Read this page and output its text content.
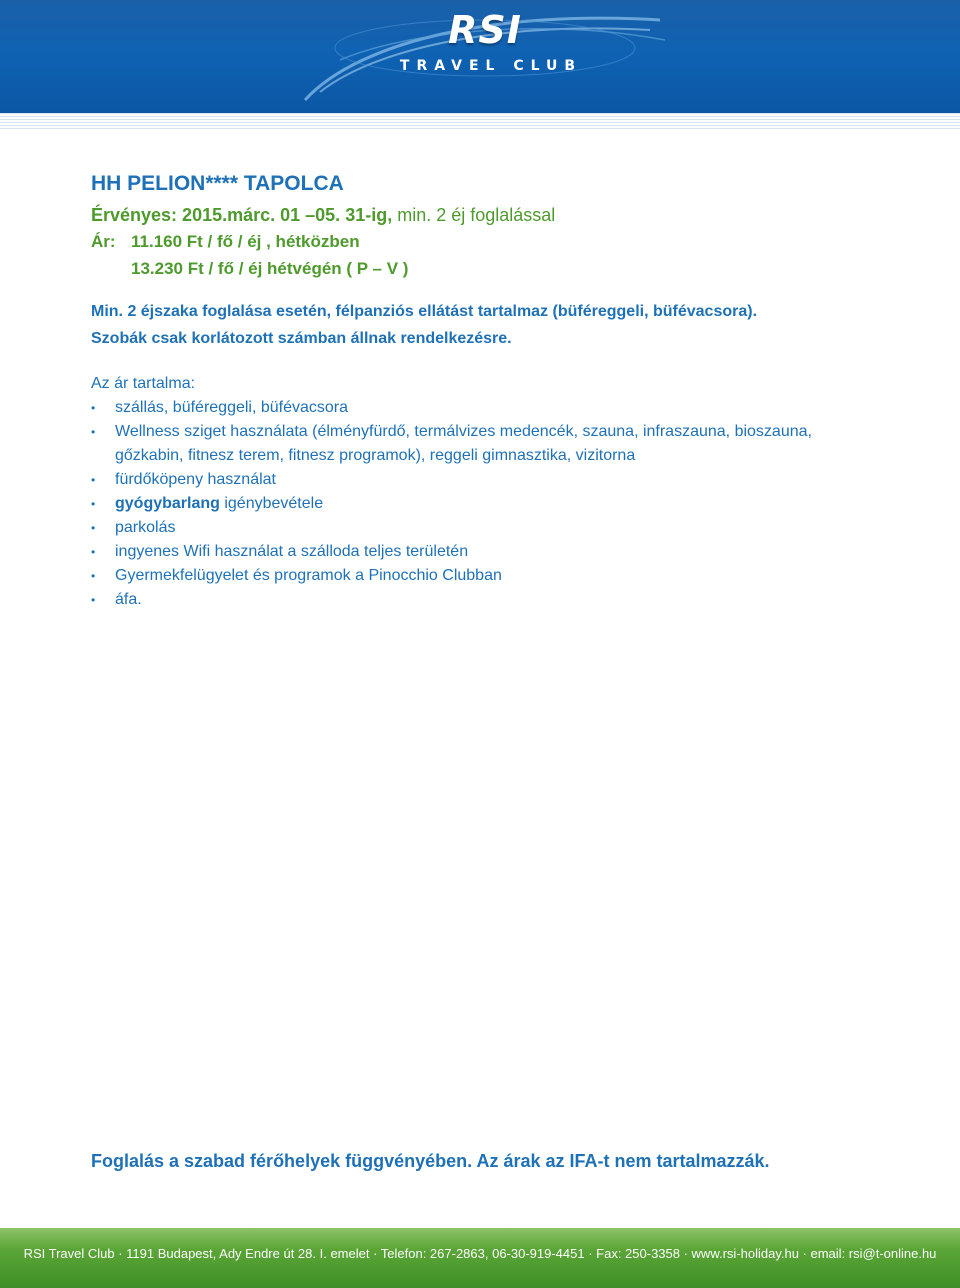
RSI
TRAVEL CLUB
HH PELION**** TAPOLCA
Érvényes: 2015.márc. 01 –05. 31-ig, min. 2 éj foglalással
Ár: 11.160 Ft / fő / éj , hétközben
13.230 Ft / fő / éj hétvégén ( P – V )
Min. 2 éjszaka foglalása esetén, félpanziós ellátást tartalmaz (büféreggeli, büfévacsora).
Szobák csak korlátozott számban állnak rendelkezésre.
Az ár tartalma:
•	szállás, büféreggeli, büfévacsora
•	Wellness sziget használata (élményfürdő, termálvizes medencék, szauna, infraszauna, bioszauna, gőzkabin, fitnesz terem, fitnesz programok), reggeli gimnasztika, vizitorna
•	fürdőköpeny használat
•	gyógybarlang igénybevétele
•	parkolás
•	ingyenes Wifi használat a szálloda teljes területén
•	Gyermekfelügyelet és programok a Pinocchio Clubban
•	áfa.
Foglalás a szabad férőhelyek függvényében. Az árak az IFA-t nem tartalmazzák.
RSI Travel Club · 1191 Budapest, Ady Endre út 28. I. emelet · Telefon: 267-2863, 06-30-919-4451 · Fax: 250-3358 · www.rsi-holiday.hu · email: rsi@t-online.hu
